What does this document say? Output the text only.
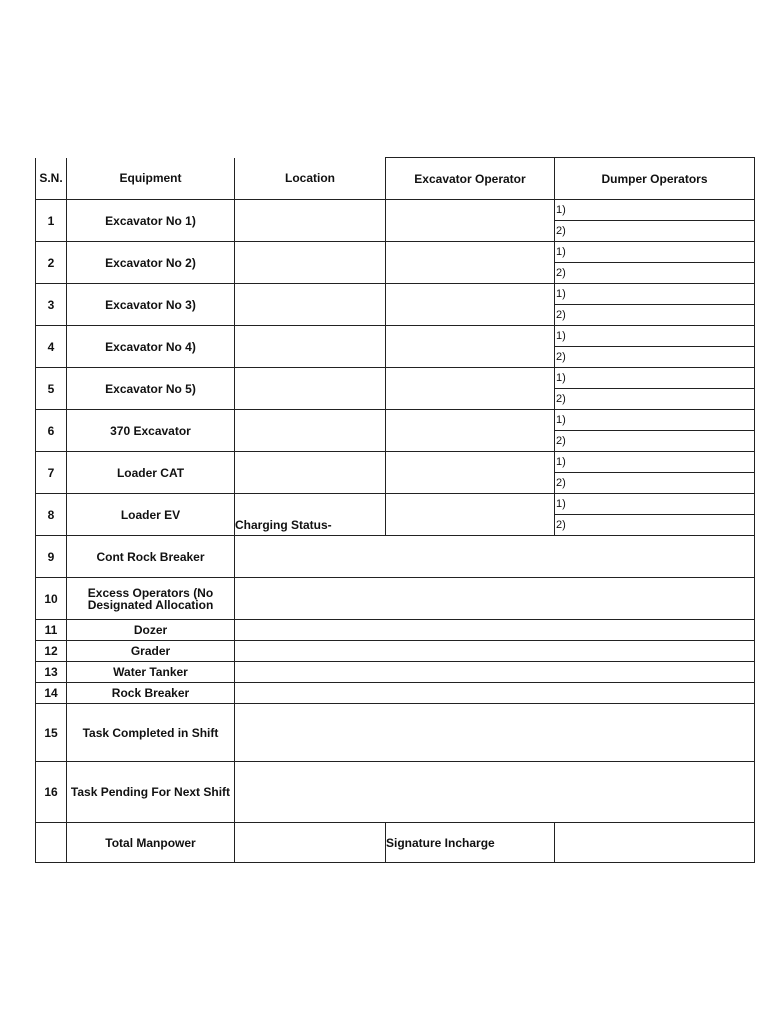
S.N.	Equipment	Location	Excavator Operator	Dumper Operators
1	Excavator No 1)			1)
				2)
2	Excavator No 2)			1)
				2)
3	Excavator No 3)			1)
				2)
4	Excavator No 4)			1)
				2)
5	Excavator No 5)			1)
				2)
6	370 Excavator			1)
				2)
7	Loader CAT			1)
				2)
8	Loader EV	Charging Status-		1)
				2)
9	Cont Rock Breaker			
10	Excess Operators (No Designated Allocation			
11	Dozer			
12	Grader			
13	Water Tanker			
14	Rock Breaker			
15	Task Completed in Shift			
16	Task Pending For Next Shift			
	Total Manpower		Signature Incharge	
